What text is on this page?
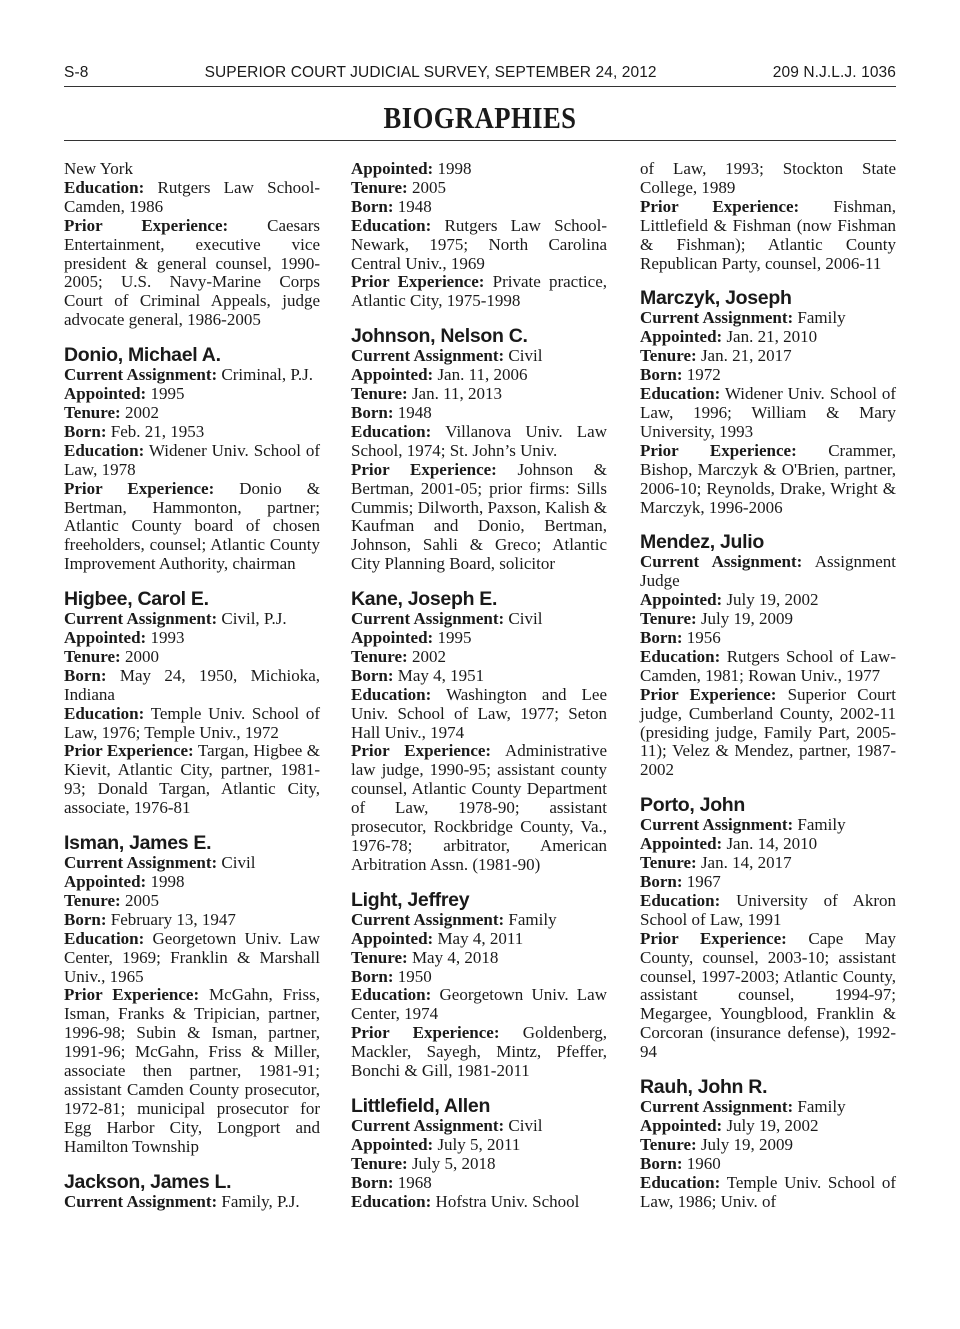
S-8	SUPERIOR COURT JUDICIAL SURVEY, SEPTEMBER 24, 2012	209 N.J.L.J. 1036
BIOGRAPHIES
New York
Education: Rutgers Law School-Camden, 1986
Prior Experience: Caesars Entertainment, executive vice president & general counsel, 1990-2005; U.S. Navy-Marine Corps Court of Criminal Appeals, judge advocate general, 1986-2005
Donio, Michael A.
Current Assignment: Criminal, P.J.
Appointed: 1995
Tenure: 2002
Born: Feb. 21, 1953
Education: Widener Univ. School of Law, 1978
Prior Experience: Donio & Bertman, Hammonton, partner; Atlantic County board of chosen freeholders, counsel; Atlantic County Improvement Authority, chairman
Higbee, Carol E.
Current Assignment: Civil, P.J.
Appointed: 1993
Tenure: 2000
Born: May 24, 1950, Michioka, Indiana
Education: Temple Univ. School of Law, 1976; Temple Univ., 1972
Prior Experience: Targan, Higbee & Kievit, Atlantic City, partner, 1981-93; Donald Targan, Atlantic City, associate, 1976-81
Isman, James E.
Current Assignment: Civil
Appointed: 1998
Tenure: 2005
Born: February 13, 1947
Education: Georgetown Univ. Law Center, 1969; Franklin & Marshall Univ., 1965
Prior Experience: McGahn, Friss, Isman, Franks & Tripician, partner, 1996-98; Subin & Isman, partner, 1991-96; McGahn, Friss & Miller, associate then partner, 1981-91; assistant Camden County prosecutor, 1972-81; municipal prosecutor for Egg Harbor City, Longport and Hamilton Township
Jackson, James L.
Current Assignment: Family, P.J.
Appointed: 1998
Tenure: 2005
Born: 1948
Education: Rutgers Law School-Newark, 1975; North Carolina Central Univ., 1969
Prior Experience: Private practice, Atlantic City, 1975-1998
Johnson, Nelson C.
Current Assignment: Civil
Appointed: Jan. 11, 2006
Tenure: Jan. 11, 2013
Born: 1948
Education: Villanova Univ. Law School, 1974; St. John’s Univ.
Prior Experience: Johnson & Bertman, 2001-05; prior firms: Sills Cummis; Dilworth, Paxson, Kalish & Kaufman and Donio, Bertman, Johnson, Sahli & Greco; Atlantic City Planning Board, solicitor
Kane, Joseph E.
Current Assignment: Civil
Appointed: 1995
Tenure: 2002
Born: May 4, 1951
Education: Washington and Lee Univ. School of Law, 1977; Seton Hall Univ., 1974
Prior Experience: Administrative law judge, 1990-95; assistant county counsel, Atlantic County Department of Law, 1978-90; assistant prosecutor, Rockbridge County, Va., 1976-78; arbitrator, American Arbitration Assn. (1981-90)
Light, Jeffrey
Current Assignment: Family
Appointed: May 4, 2011
Tenure: May 4, 2018
Born: 1950
Education: Georgetown Univ. Law Center, 1974
Prior Experience: Goldenberg, Mackler, Sayegh, Mintz, Pfeffer, Bonchi & Gill, 1981-2011
Littlefield, Allen
Current Assignment: Civil
Appointed: July 5, 2011
Tenure: July 5, 2018
Born: 1968
Education: Hofstra Univ. School
of Law, 1993; Stockton State College, 1989
Prior Experience: Fishman, Littlefield & Fishman (now Fishman & Fishman); Atlantic County Republican Party, counsel, 2006-11
Marczyk, Joseph
Current Assignment: Family
Appointed: Jan. 21, 2010
Tenure: Jan. 21, 2017
Born: 1972
Education: Widener Univ. School of Law, 1996; William & Mary University, 1993
Prior Experience: Crammer, Bishop, Marczyk & O'Brien, partner, 2006-10; Reynolds, Drake, Wright & Marczyk, 1996-2006
Mendez, Julio
Current Assignment: Assignment Judge
Appointed: July 19, 2002
Tenure: July 19, 2009
Born: 1956
Education: Rutgers School of Law-Camden, 1981; Rowan Univ., 1977
Prior Experience: Superior Court judge, Cumberland County, 2002-11 (presiding judge, Family Part, 2005-11); Velez & Mendez, partner, 1987-2002
Porto, John
Current Assignment: Family
Appointed: Jan. 14, 2010
Tenure: Jan. 14, 2017
Born: 1967
Education: University of Akron School of Law, 1991
Prior Experience: Cape May County, counsel, 2003-10; assistant counsel, 1997-2003; Atlantic County, assistant counsel, 1994-97; Megargee, Youngblood, Franklin & Corcoran (insurance defense), 1992-94
Rauh, John R.
Current Assignment: Family
Appointed: July 19, 2002
Tenure: July 19, 2009
Born: 1960
Education: Temple Univ. School of Law, 1986; Univ. of
